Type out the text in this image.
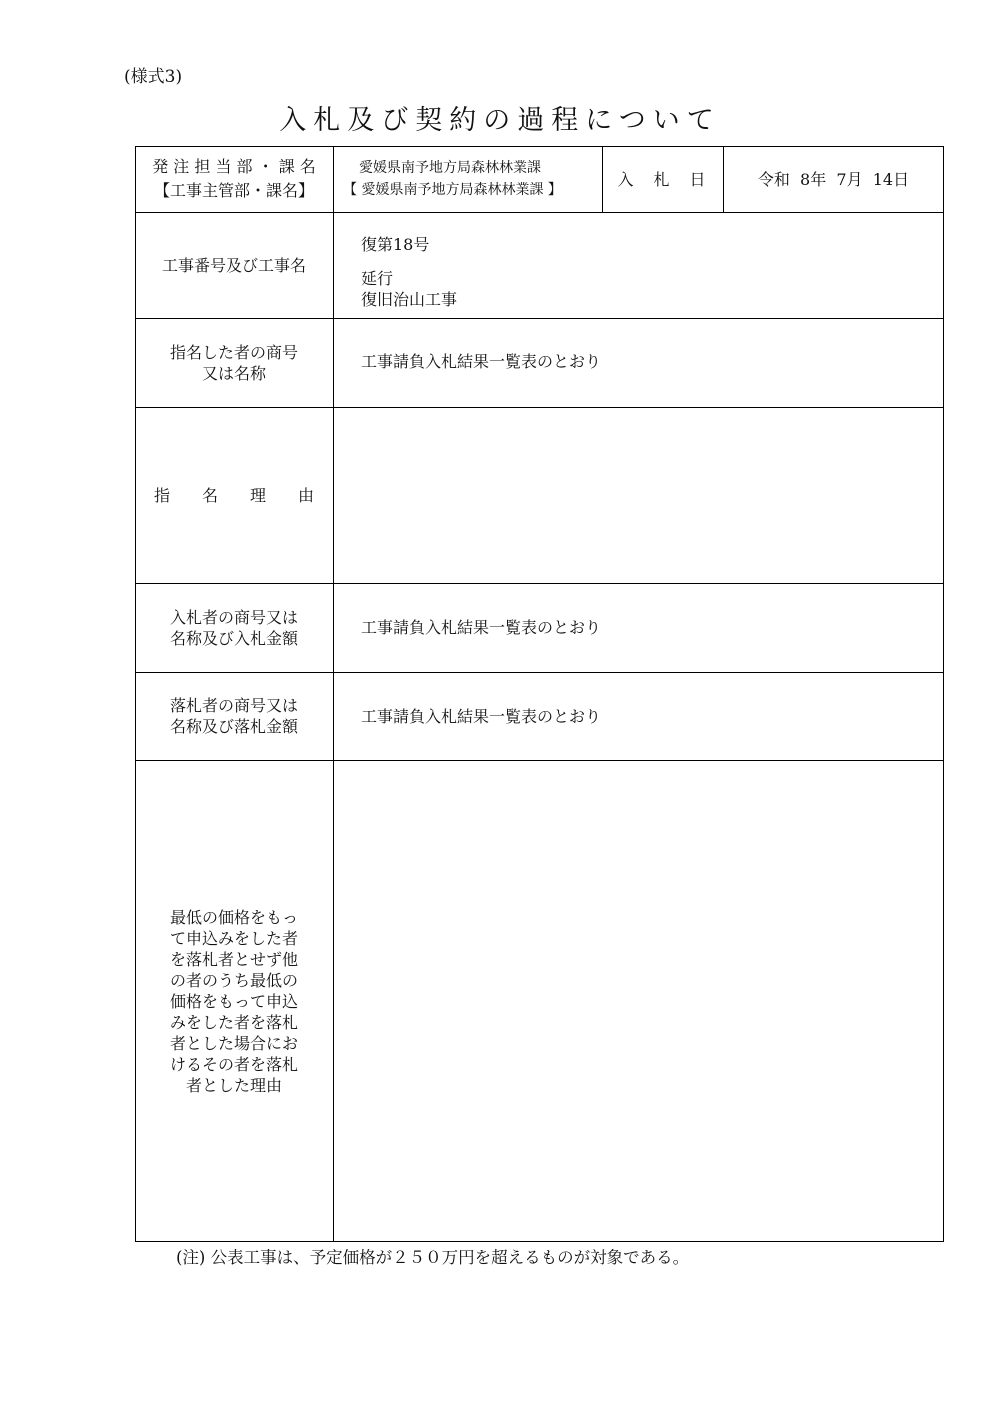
(様式3)
入札及び契約の過程について
発 注 担 当 部 ・ 課 名
【工事主管部・課名】
愛媛県南予地方局森林林業課
【 愛媛県南予地方局森林林業課 】
入　札　日	令和  8年  7月  14日
工事番号及び工事名
復第18号
延行
復旧治山工事
指名した者の商号
又は名称
工事請負入札結果一覧表のとおり
指　　名　　理　　由
入札者の商号又は
名称及び入札金額
工事請負入札結果一覧表のとおり
落札者の商号又は
名称及び落札金額
工事請負入札結果一覧表のとおり
最低の価格をもっ
て申込みをした者
を落札者とせず他
の者のうち最低の
価格をもって申込
みをした者を落札
者とした場合にお
けるその者を落札
者とした理由
(注) 公表工事は、予定価格が２５０万円を超えるものが対象である。
